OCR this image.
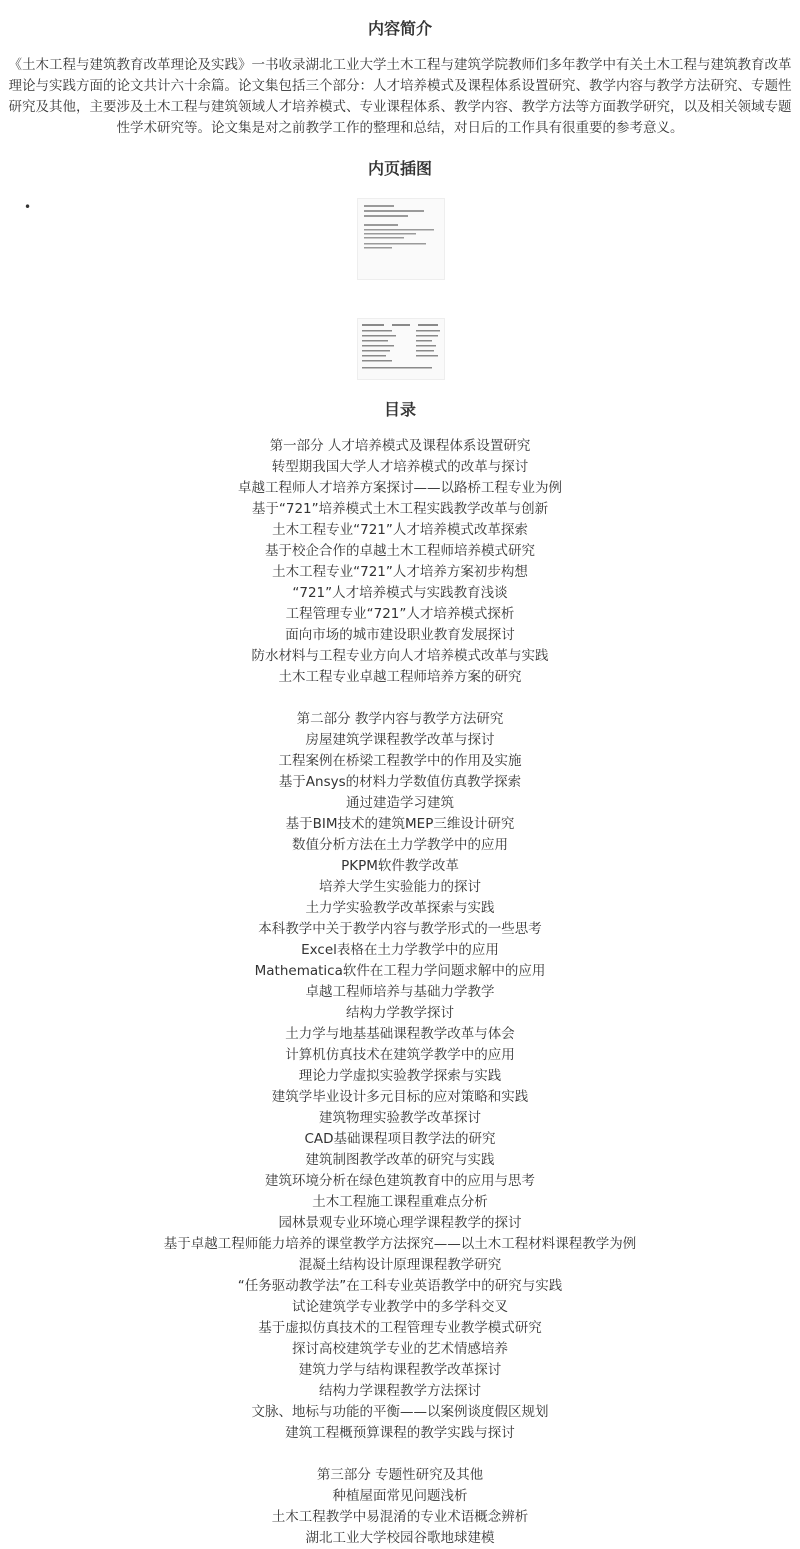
内容简介

《土木工程与建筑教育改革理论及实践》一书收录湖北工业大学土木工程与建筑学院教师们多年教学中有关土木工程与建筑教育改革理论与实践方面的论文共计六十余篇。论文集包括三个部分：人才培养模式及课程体系设置研究、教学内容与教学方法研究、专题性研究及其他，主要涉及土木工程与建筑领域人才培养模式、专业课程体系、教学内容、教学方法等方面教学研究，以及相关领域专题性学术研究等。论文集是对之前教学工作的整理和总结，对日后的工作具有很重要的参考意义。

内页插图
•
目录
第一部分 人才培养模式及课程体系设置研究
转型期我国大学人才培养模式的改革与探讨
卓越工程师人才培养方案探讨——以路桥工程专业为例
基于“721”培养模式土木工程实践教学改革与创新
土木工程专业“721”人才培养模式改革探索
基于校企合作的卓越土木工程师培养模式研究
土木工程专业“721”人才培养方案初步构想
“721”人才培养模式与实践教育浅谈
工程管理专业“721”人才培养模式探析
面向市场的城市建设职业教育发展探讨
防水材料与工程专业方向人才培养模式改革与实践
土木工程专业卓越工程师培养方案的研究
第二部分 教学内容与教学方法研究
房屋建筑学课程教学改革与探讨
工程案例在桥梁工程教学中的作用及实施
基于Ansys的材料力学数值仿真教学探索
通过建造学习建筑
基于BIM技术的建筑MEP三维设计研究
数值分析方法在土力学教学中的应用
PKPM软件教学改革
培养大学生实验能力的探讨
土力学实验教学改革探索与实践
本科教学中关于教学内容与教学形式的一些思考
Excel表格在土力学教学中的应用
Mathematica软件在工程力学问题求解中的应用
卓越工程师培养与基础力学教学
结构力学教学探讨
土力学与地基基础课程教学改革与体会
计算机仿真技术在建筑学教学中的应用
理论力学虚拟实验教学探索与实践
建筑学毕业设计多元目标的应对策略和实践
建筑物理实验教学改革探讨
CAD基础课程项目教学法的研究
建筑制图教学改革的研究与实践
建筑环境分析在绿色建筑教育中的应用与思考
土木工程施工课程重难点分析
园林景观专业环境心理学课程教学的探讨
基于卓越工程师能力培养的课堂教学方法探究——以土木工程材料课程教学为例
混凝土结构设计原理课程教学研究
“任务驱动教学法”在工科专业英语教学中的研究与实践
试论建筑学专业教学中的多学科交叉
基于虚拟仿真技术的工程管理专业教学模式研究
探讨高校建筑学专业的艺术情感培养
建筑力学与结构课程教学改革探讨
结构力学课程教学方法探讨
文脉、地标与功能的平衡——以案例谈度假区规划
建筑工程概预算课程的教学实践与探讨
第三部分 专题性研究及其他
种植屋面常见问题浅析
土木工程教学中易混淆的专业术语概念辨析
湖北工业大学校园谷歌地球建模
